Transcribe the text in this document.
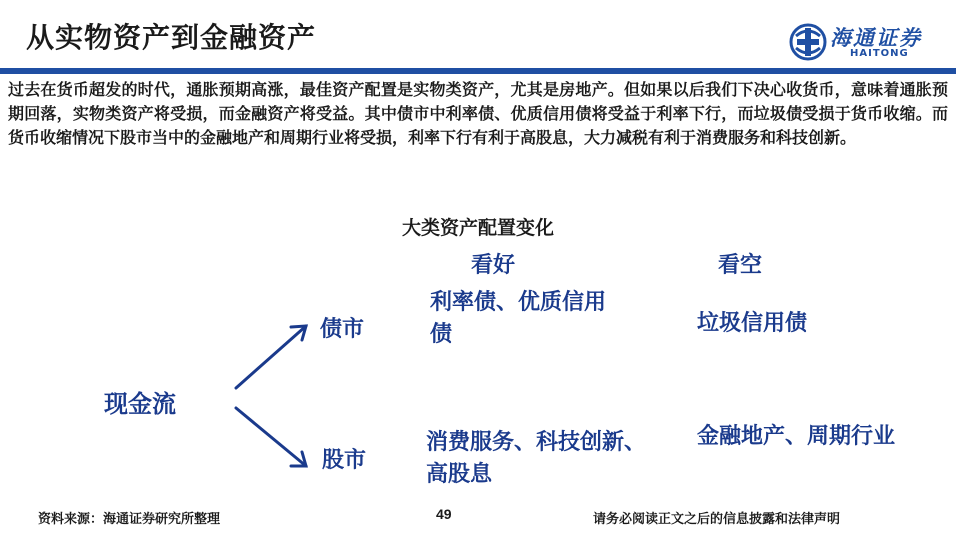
从实物资产到金融资产	海通证券
HAITONG
过去在货币超发的时代，通胀预期高涨，最佳资产配置是实物类资产，尤其是房地产。但如果以后我们下决心收货币，意味着通胀预期回落，实物类资产将受损，而金融资产将受益。其中债市中利率债、优质信用债将受益于利率下行，而垃圾债受损于货币收缩。而货币收缩情况下股市当中的金融地产和周期行业将受损，利率下行有利于高股息，大力减税有利于消费服务和科技创新。
大类资产配置变化
看好	看空
现金流
债市
股市
利率债、优质信用债	垃圾信用债
消费服务、科技创新、高股息
金融地产、周期行业
资料来源：海通证券研究所整理	49	请务必阅读正文之后的信息披露和法律声明
